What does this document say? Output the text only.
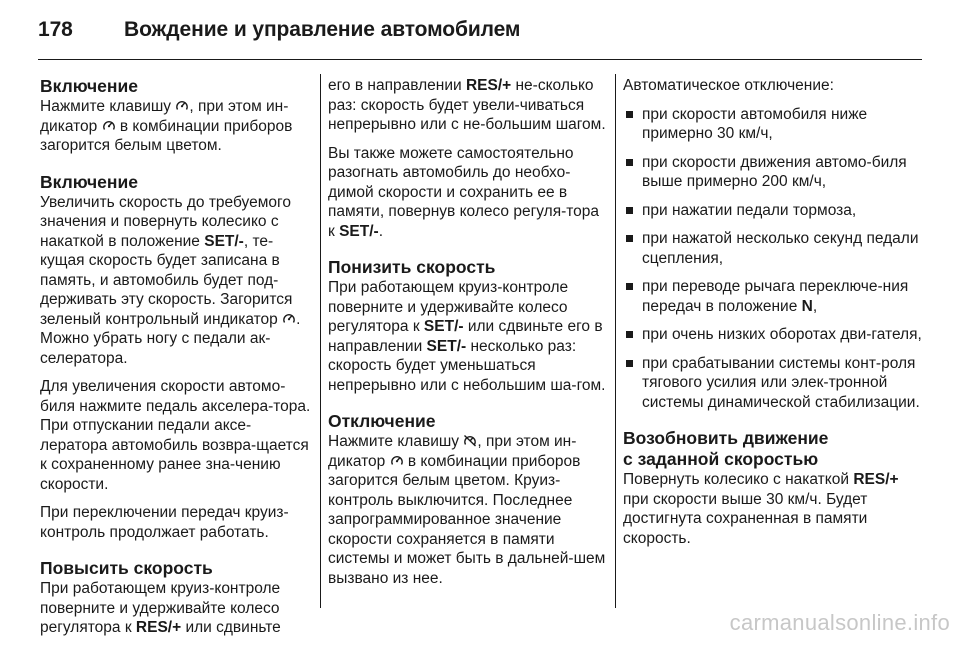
178	Вождение и управление автомобилем
Включение

Нажмите клавишу
, при этом ин-дикатор
в комбинации приборов загорится белым цветом.

Включение

Увеличить скорость до требуемого значения и повернуть колесико с накаткой в положение SET/-, те-кущая скорость будет записана в память, и автомобиль будет под-держивать эту скорость. Загорится зеленый контрольный индикатор
. Можно убрать ногу с педали ак-селератора.

Для увеличения скорости автомо-биля нажмите педаль акселера-тора. При отпускании педали аксе-лератора автомобиль возвра-щается к сохраненному ранее зна-чению скорости.

При переключении передач круиз-контроль продолжает работать.

Повысить скорость

При работающем круиз-контроле поверните и удерживайте колесо регулятора к RES/+ или сдвиньте

его в направлении RES/+ не-сколько раз: скорость будет увели-чиваться непрерывно или с не-большим шагом.

Вы также можете самостоятельно разогнать автомобиль до необхо-димой скорости и сохранить ее в памяти, повернув колесо регуля-тора к SET/-.

Понизить скорость

При работающем круиз-контроле поверните и удерживайте колесо регулятора к SET/- или сдвиньте его в направлении SET/- несколько раз: скорость будет уменьшаться непрерывно или с небольшим ша-гом.

Отключение

Нажмите клавишу
, при этом ин-дикатор
в комбинации приборов загорится белым цветом. Круиз-контроль выключится. Последнее запрограммированное значение скорости сохраняется в памяти системы и может быть в дальней-шем вызвано из нее.

Автоматическое отключение:

при скорости автомобиля ниже примерно 30 км/ч,
при скорости движения автомо-биля выше примерно 200 км/ч,
при нажатии педали тормоза,
при нажатой несколько секунд педали сцепления,
при переводе рычага переключе-ния передач в положение N,
при очень низких оборотах дви-гателя,
при срабатывании системы конт-роля тягового усилия или элек-тронной системы динамической стабилизации.
Возобновить движение
с заданной скоростью

Повернуть колесико с накаткой RES/+ при скорости выше 30 км/ч. Будет достигнута сохраненная в памяти скорость.

carmanualsonline.info
